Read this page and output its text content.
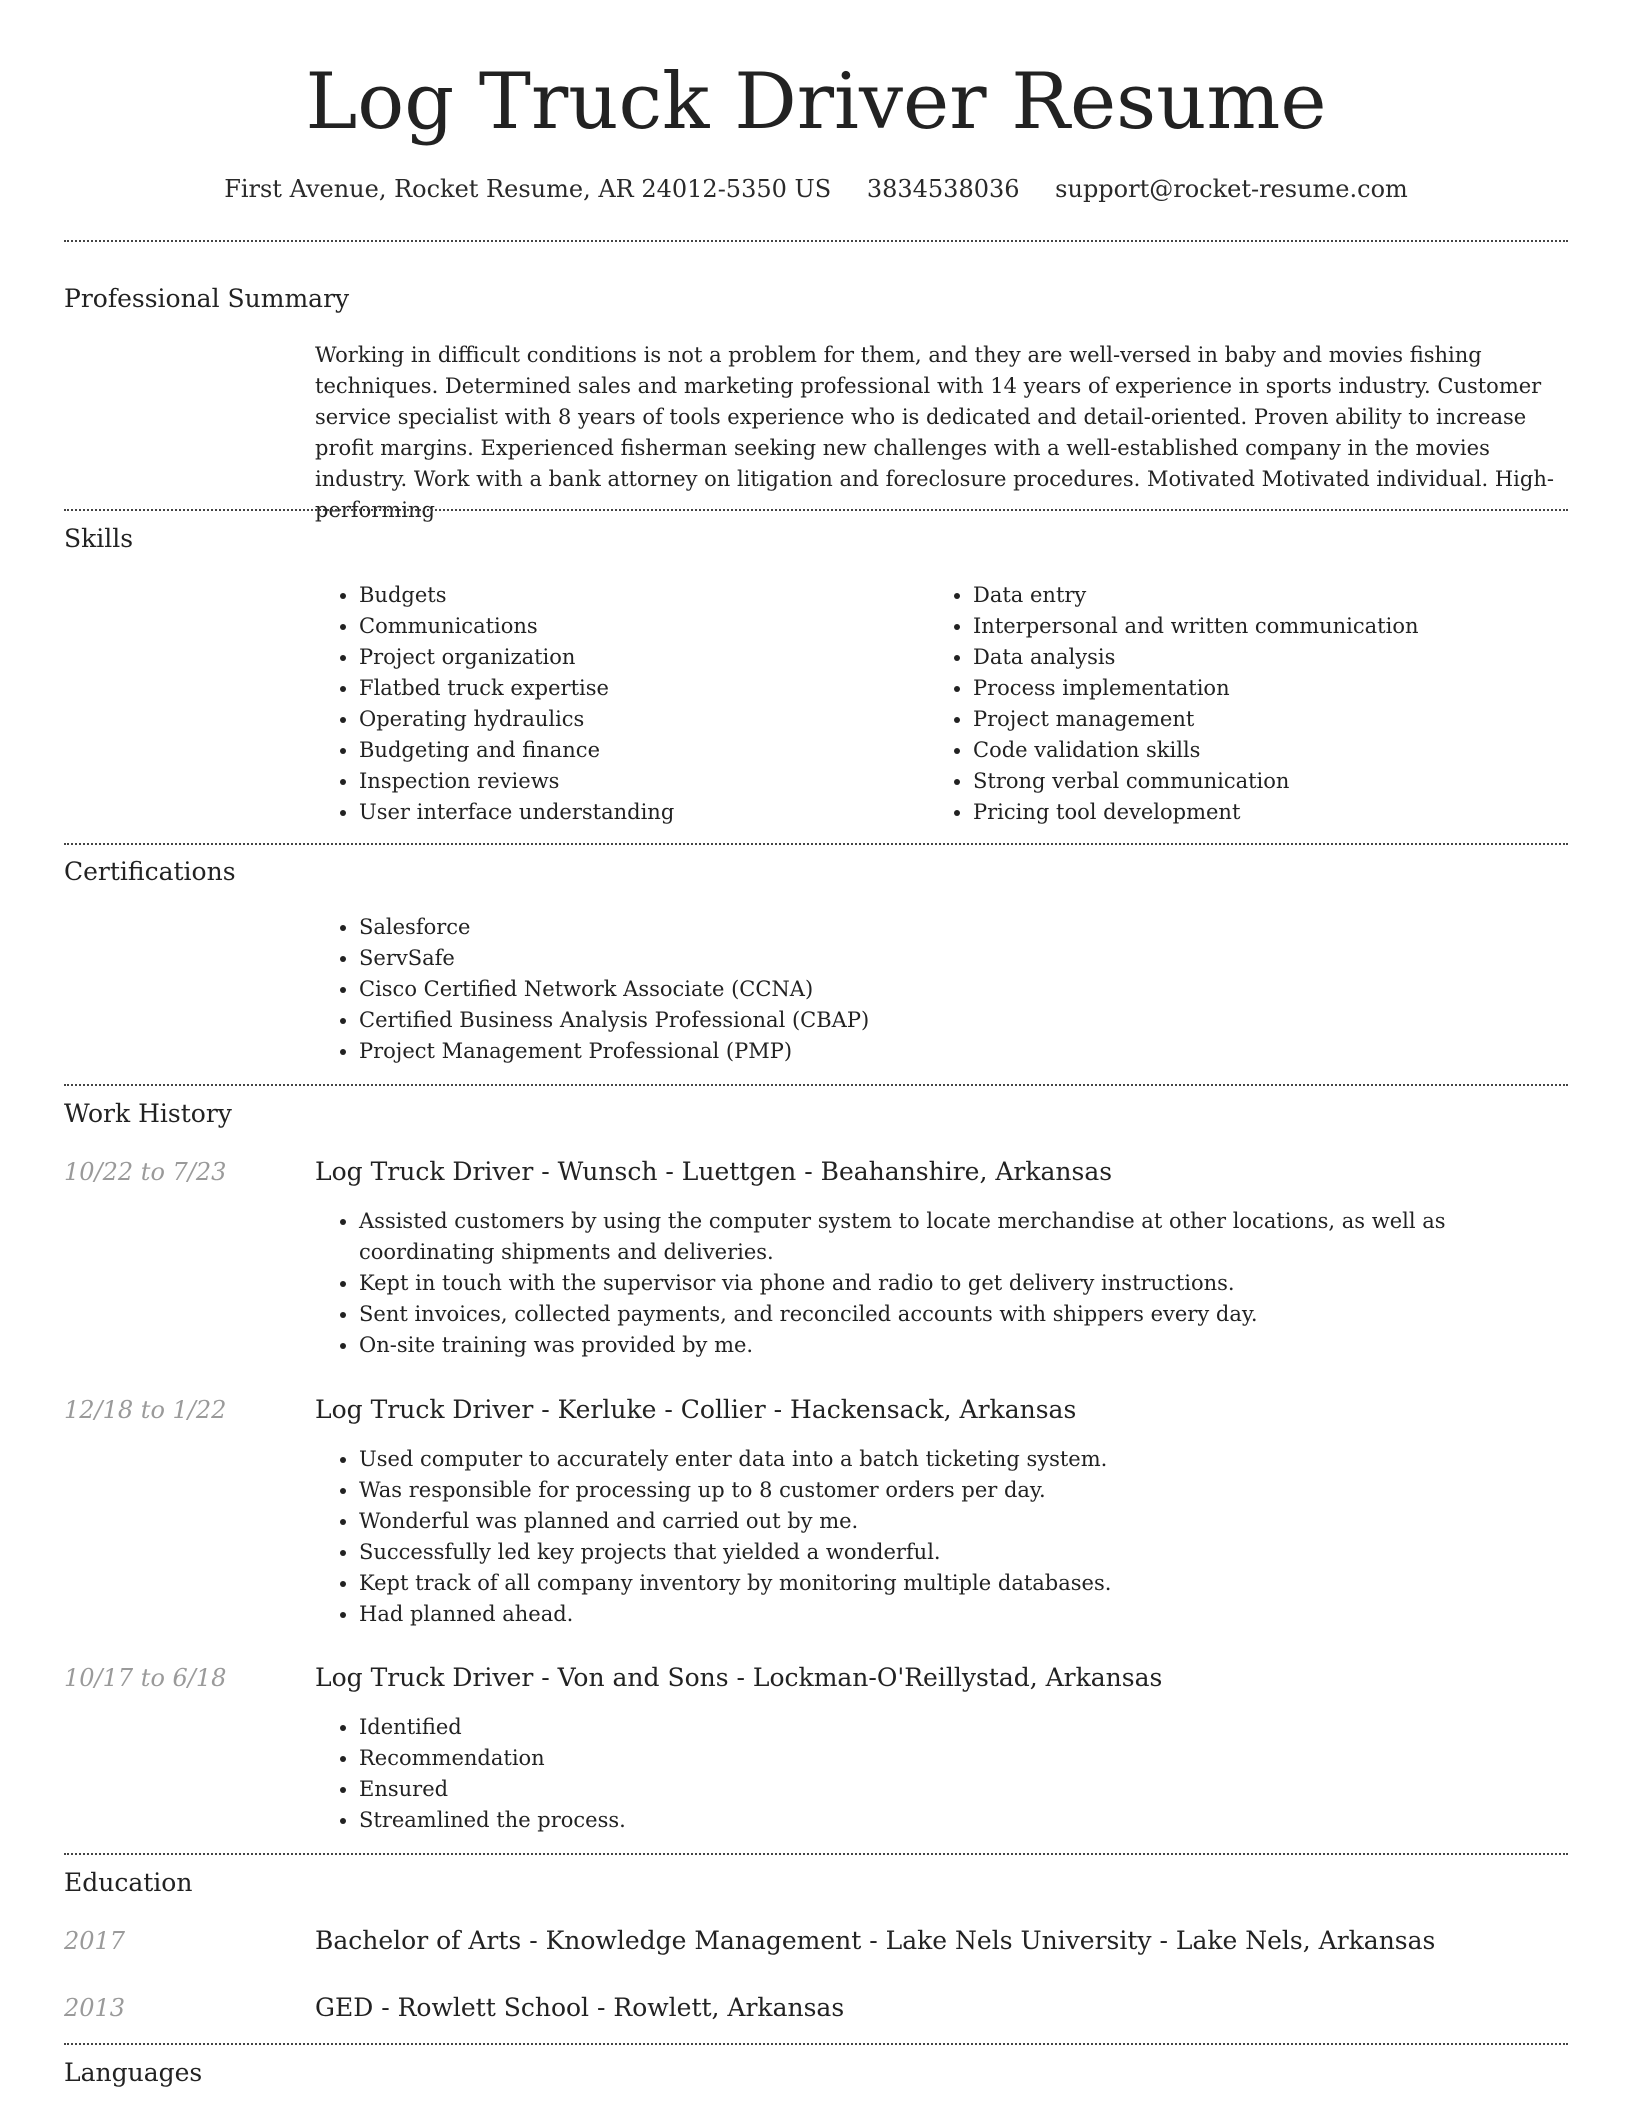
Log Truck Driver Resume
First Avenue, Rocket Resume, AR 24012-5350 US 3834538036 support@rocket-resume.com
Professional Summary
Working in difficult conditions is not a problem for them, and they are well-versed in baby and movies fishing techniques. Determined sales and marketing professional with 14 years of experience in sports industry. Customer service specialist with 8 years of tools experience who is dedicated and detail-oriented. Proven ability to increase profit margins. Experienced fisherman seeking new challenges with a well-established company in the movies industry. Work with a bank attorney on litigation and foreclosure procedures. Motivated Motivated individual. High-performing
Skills
• Budgets
• Communications
• Project organization
• Flatbed truck expertise
• Operating hydraulics
• Budgeting and finance
• Inspection reviews
• User interface understanding
• Data entry
• Interpersonal and written communication
• Data analysis
• Process implementation
• Project management
• Code validation skills
• Strong verbal communication
• Pricing tool development
Certifications
• Salesforce
• ServSafe
• Cisco Certified Network Associate (CCNA)
• Certified Business Analysis Professional (CBAP)
• Project Management Professional (PMP)
Work History
10/22 to 7/23	Log Truck Driver - Wunsch - Luettgen - Beahanshire, Arkansas
• Assisted customers by using the computer system to locate merchandise at other locations, as well as coordinating shipments and deliveries.
• Kept in touch with the supervisor via phone and radio to get delivery instructions.
• Sent invoices, collected payments, and reconciled accounts with shippers every day.
• On-site training was provided by me.
12/18 to 1/22	Log Truck Driver - Kerluke - Collier - Hackensack, Arkansas
• Used computer to accurately enter data into a batch ticketing system.
• Was responsible for processing up to 8 customer orders per day.
• Wonderful was planned and carried out by me.
• Successfully led key projects that yielded a wonderful.
• Kept track of all company inventory by monitoring multiple databases.
• Had planned ahead.
10/17 to 6/18	Log Truck Driver - Von and Sons - Lockman-O'Reillystad, Arkansas
• Identified
• Recommendation
• Ensured
• Streamlined the process.
Education
2017	Bachelor of Arts - Knowledge Management - Lake Nels University - Lake Nels, Arkansas
2013	GED - Rowlett School - Rowlett, Arkansas
Languages
